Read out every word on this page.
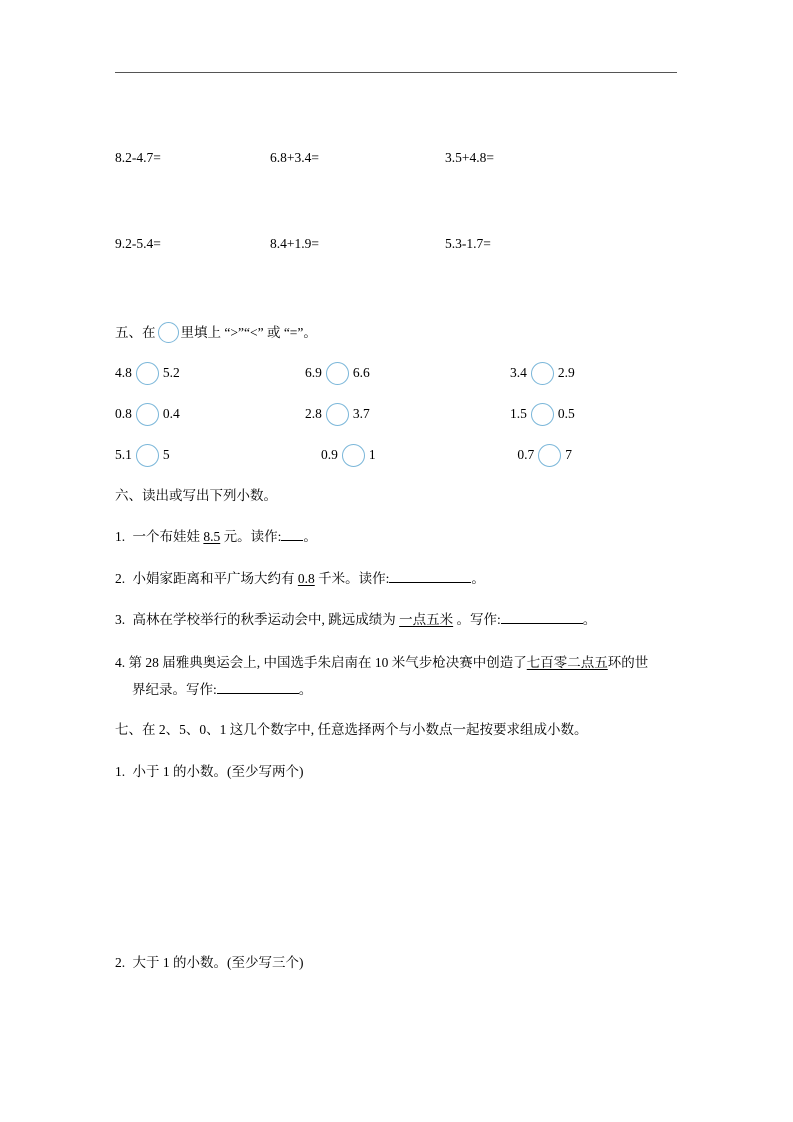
8.2-4.7=	6.8+3.4=	3.5+4.8=
9.2-5.4=	8.4+1.9=	5.3-1.7=
五、在 里填上 “>”“<” 或 “=”。
4.8 5.2	6.9 6.6	3.4 2.9
0.8 0.4	2.8 3.7	1.5 0.5
5.1 5	0.9 1	0.7 7
六、读出或写出下列小数。
1. 一个布娃娃 8.5 元。读作: 。
2. 小娟家距离和平广场大约有 0.8 千米。读作:	。
3. 高林在学校举行的秋季运动会中, 跳远成绩为 一点五米 。写作:	。
4. 第 28 届雅典奥运会上, 中国选手朱启南在 10 米气步枪决赛中创造了七百零二点五环的世
界纪录。写作:	。
七、在 2、5、0、1 这几个数字中, 任意选择两个与小数点一起按要求组成小数。
1. 小于 1 的小数。(至少写两个)
2. 大于 1 的小数。(至少写三个)
